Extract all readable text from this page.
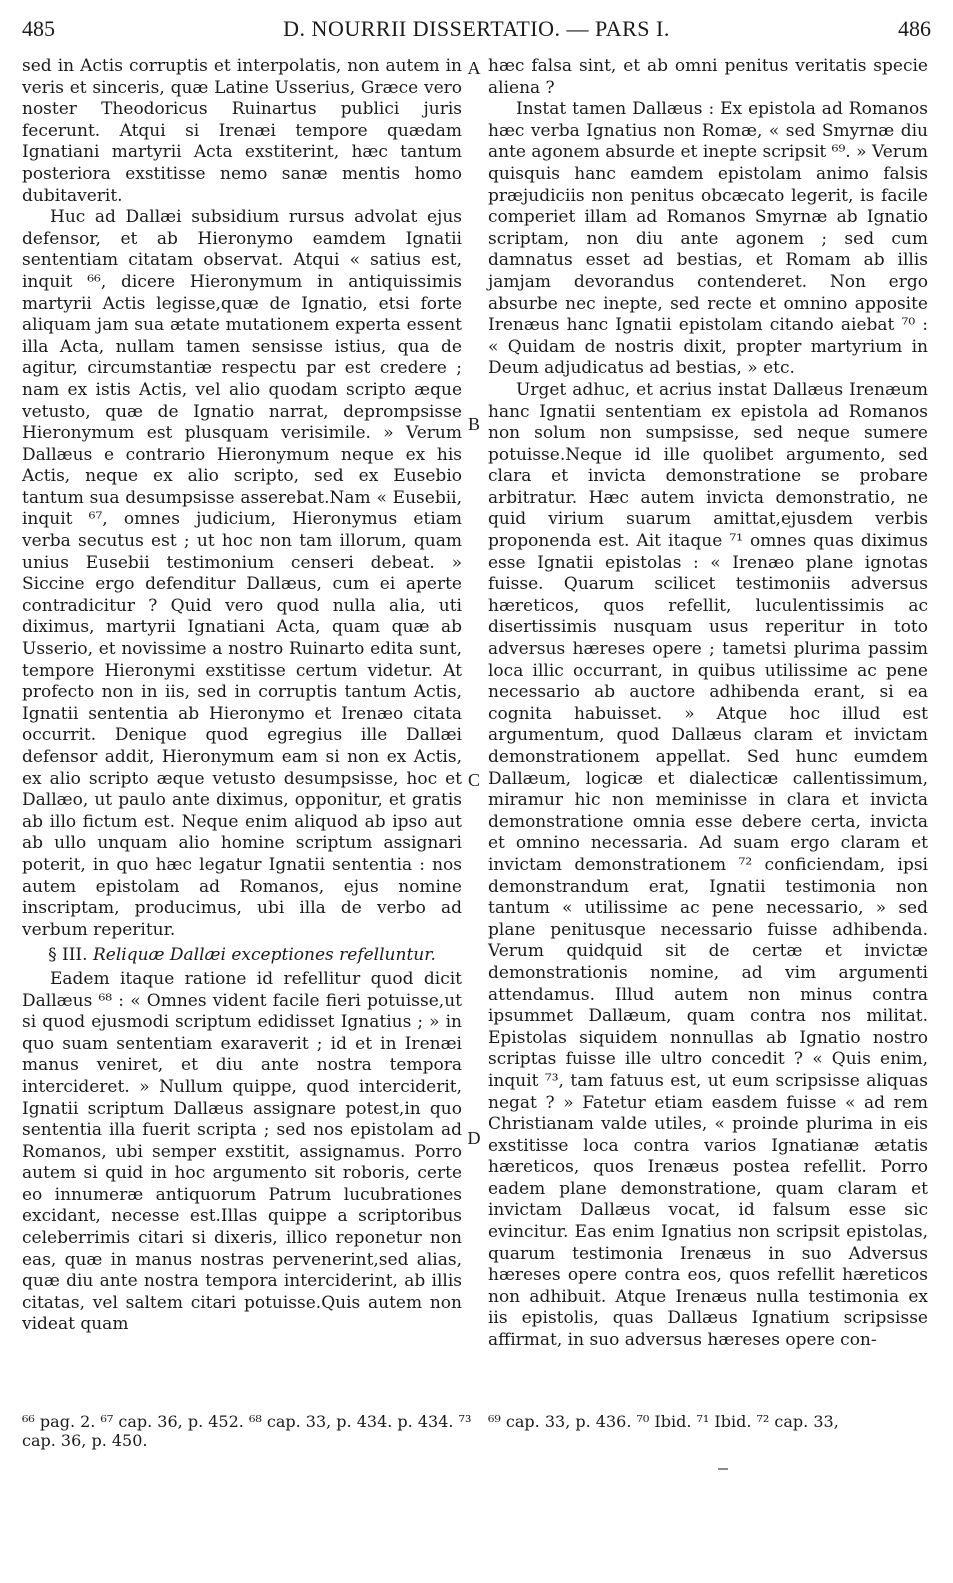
485	D. NOURRII DISSERTATIO. — PARS I.	486

sed in Actis corruptis et interpolatis, non autem in veris et sinceris, quæ Latine Usserius, Græce vero noster Theodoricus Ruinartus publici juris fecerunt. Atqui si Irenæi tempore quædam Ignatiani martyrii Acta exstiterint, hæc tantum posteriora exstitisse nemo sanæ mentis homo dubitaverit.

Huc ad Dallæi subsidium rursus advolat ejus defensor, et ab Hieronymo eamdem Ignatii sententiam citatam observat. Atqui « satius est, inquit ⁶⁶, dicere Hieronymum in antiquissimis martyrii Actis legisse,quæ de Ignatio, etsi forte aliquam jam sua ætate mutationem experta essent illa Acta, nullam tamen sensisse istius, qua de agitur, circumstantiæ respectu par est credere ; nam ex istis Actis, vel alio quodam scripto æque vetusto, quæ de Ignatio narrat, deprompsisse Hieronymum est plusquam verisimile. » Verum Dallæus e contrario Hieronymum neque ex his Actis, neque ex alio scripto, sed ex Eusebio tantum sua desumpsisse asserebat.Nam « Eusebii, inquit ⁶⁷, omnes judicium, Hieronymus etiam verba secutus est ; ut hoc non tam illorum, quam unius Eusebii testimonium censeri debeat. » Siccine ergo defenditur Dallæus, cum ei aperte contradicitur ? Quid vero quod nulla alia, uti diximus, martyrii Ignatiani Acta, quam quæ ab Usserio, et novissime a nostro Ruinarto edita sunt, tempore Hieronymi exstitisse certum videtur. At profecto non in iis, sed in corruptis tantum Actis, Ignatii sententia ab Hieronymo et Irenæo citata occurrit. Denique quod egregius ille Dallæi defensor addit, Hieronymum eam si non ex Actis, ex alio scripto æque vetusto desumpsisse, hoc et Dallæo, ut paulo ante diximus, opponitur, et gratis ab illo fictum est. Neque enim aliquod ab ipso aut ab ullo unquam alio homine scriptum assignari poterit, in quo hæc legatur Ignatii sententia : nos autem epistolam ad Romanos, ejus nomine inscriptam, producimus, ubi illa de verbo ad verbum reperitur.

§ III. Reliquæ Dallæi exceptiones refelluntur.

Eadem itaque ratione id refellitur quod dicit Dallæus ⁶⁸ : « Omnes vident facile fieri potuisse,ut si quod ejusmodi scriptum edidisset Ignatius ; » in quo suam sententiam exaraverit ; id et in Irenæi manus veniret, et diu ante nostra tempora intercideret. » Nullum quippe, quod interciderit, Ignatii scriptum Dallæus assignare potest,in quo sententia illa fuerit scripta ; sed nos epistolam ad Romanos, ubi semper exstitit, assignamus. Porro autem si quid in hoc argumento sit roboris, certe eo innumeræ antiquorum Patrum lucubrationes excidant, necesse est.Illas quippe a scriptoribus celeberrimis citari si dixeris, illico reponetur non eas, quæ in manus nostras pervenerint,sed alias, quæ diu ante nostra tempora interciderint, ab illis citatas, vel saltem citari potuisse.Quis autem non videat quam

A
B
C
D

hæc falsa sint, et ab omni penitus veritatis specie aliena ?

Instat tamen Dallæus : Ex epistola ad Romanos hæc verba Ignatius non Romæ, « sed Smyrnæ diu ante agonem absurde et inepte scripsit ⁶⁹. » Verum quisquis hanc eamdem epistolam animo falsis præjudiciis non penitus obcæcato legerit, is facile comperiet illam ad Romanos Smyrnæ ab Ignatio scriptam, non diu ante agonem ; sed cum damnatus esset ad bestias, et Romam ab illis jamjam devorandus contenderet. Non ergo absurbe nec inepte, sed recte et omnino apposite Irenæus hanc Ignatii epistolam citando aiebat ⁷⁰ : « Quidam de nostris dixit, propter martyrium in Deum adjudicatus ad bestias, » etc.

Urget adhuc, et acrius instat Dallæus Irenæum hanc Ignatii sententiam ex epistola ad Romanos non solum non sumpsisse, sed neque sumere potuisse.Neque id ille quolibet argumento, sed clara et invicta demonstratione se probare arbitratur. Hæc autem invicta demonstratio, ne quid virium suarum amittat,ejusdem verbis proponenda est. Ait itaque ⁷¹ omnes quas diximus esse Ignatii epistolas : « Irenæo plane ignotas fuisse. Quarum scilicet testimoniis adversus hæreticos, quos refellit, luculentissimis ac disertissimis nusquam usus reperitur in toto adversus hæreses opere ; tametsi plurima passim loca illic occurrant, in quibus utilissime ac pene necessario ab auctore adhibenda erant, si ea cognita habuisset. » Atque hoc illud est argumentum, quod Dallæus claram et invictam demonstrationem appellat. Sed hunc eumdem Dallæum, logicæ et dialecticæ callentissimum, miramur hic non meminisse in clara et invicta demonstratione omnia esse debere certa, invicta et omnino necessaria. Ad suam ergo claram et invictam demonstrationem ⁷² conficiendam, ipsi demonstrandum erat, Ignatii testimonia non tantum « utilissime ac pene necessario, » sed plane penitusque necessario fuisse adhibenda. Verum quidquid sit de certæ et invictæ demonstrationis nomine, ad vim argumenti attendamus. Illud autem non minus contra ipsummet Dallæum, quam contra nos militat. Epistolas siquidem nonnullas ab Ignatio nostro scriptas fuisse ille ultro concedit ? « Quis enim, inquit ⁷³, tam fatuus est, ut eum scripsisse aliquas negat ? » Fatetur etiam easdem fuisse « ad rem Christianam valde utiles, « proinde plurima in eis exstitisse loca contra varios Ignatianæ ætatis hæreticos, quos Irenæus postea refellit. Porro eadem plane demonstratione, quam claram et invictam Dallæus vocat, id falsum esse sic evincitur. Eas enim Ignatius non scripsit epistolas, quarum testimonia Irenæus in suo Adversus hæreses opere contra eos, quos refellit hæreticos non adhibuit. Atque Irenæus nulla testimonia ex iis epistolis, quas Dallæus Ignatium scripsisse affirmat, in suo adversus hæreses opere con-

⁶⁶ pag. 2. ⁶⁷ cap. 36, p. 452. ⁶⁸ cap. 33, p. 434. p. 434. ⁷³ cap. 36, p. 450.
⁶⁹ cap. 33, p. 436. ⁷⁰ Ibid. ⁷¹ Ibid. ⁷² cap. 33,
